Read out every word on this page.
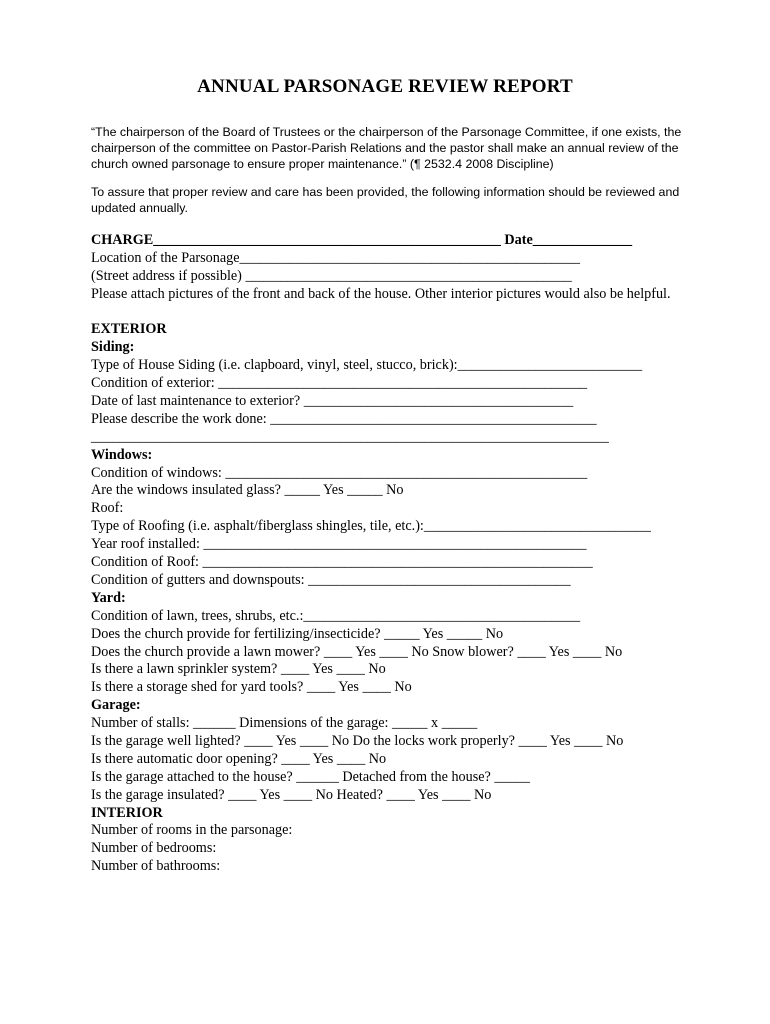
ANNUAL PARSONAGE REVIEW REPORT
“The chairperson of the Board of Trustees or the chairperson of the Parsonage Committee, if one exists, the chairperson of the committee on Pastor-Parish Relations and the pastor shall make an annual review of the church owned parsonage to ensure proper maintenance.” (¶ 2532.4 2008 Discipline)
To assure that proper review and care has been provided, the following information should be reviewed and updated annually.
CHARGE_________________________________________________ Date______________
Location of the Parsonage________________________________________________
(Street address if possible) ______________________________________________
Please attach pictures of the front and back of the house. Other interior pictures would also be helpful.
EXTERIOR
Siding:
Type of House Siding (i.e. clapboard, vinyl, steel, stucco, brick):__________________________
Condition of exterior: ____________________________________________________
Date of last maintenance to exterior? ______________________________________
Please describe the work done: ______________________________________________
_________________________________________________________________________
Windows:
Condition of windows: ___________________________________________________
Are the windows insulated glass? _____ Yes _____ No
Roof:
Type of Roofing (i.e. asphalt/fiberglass shingles, tile, etc.):________________________________
Year roof installed: ______________________________________________________
Condition of Roof: _______________________________________________________
Condition of gutters and downspouts: _____________________________________
Yard:
Condition of lawn, trees, shrubs, etc.:_______________________________________
Does the church provide for fertilizing/insecticide? _____ Yes _____ No
Does the church provide a lawn mower? ____ Yes ____ No Snow blower? ____ Yes ____ No
Is there a lawn sprinkler system? ____ Yes ____ No
Is there a storage shed for yard tools? ____ Yes ____ No
Garage:
Number of stalls: ______ Dimensions of the garage: _____ x _____
Is the garage well lighted? ____ Yes ____ No Do the locks work properly? ____ Yes ____ No
Is there automatic door opening? ____ Yes ____ No
Is the garage attached to the house? ______ Detached from the house? _____
Is the garage insulated? ____ Yes ____ No Heated? ____ Yes ____ No
INTERIOR
Number of rooms in the parsonage:
Number of bedrooms:
Number of bathrooms:
